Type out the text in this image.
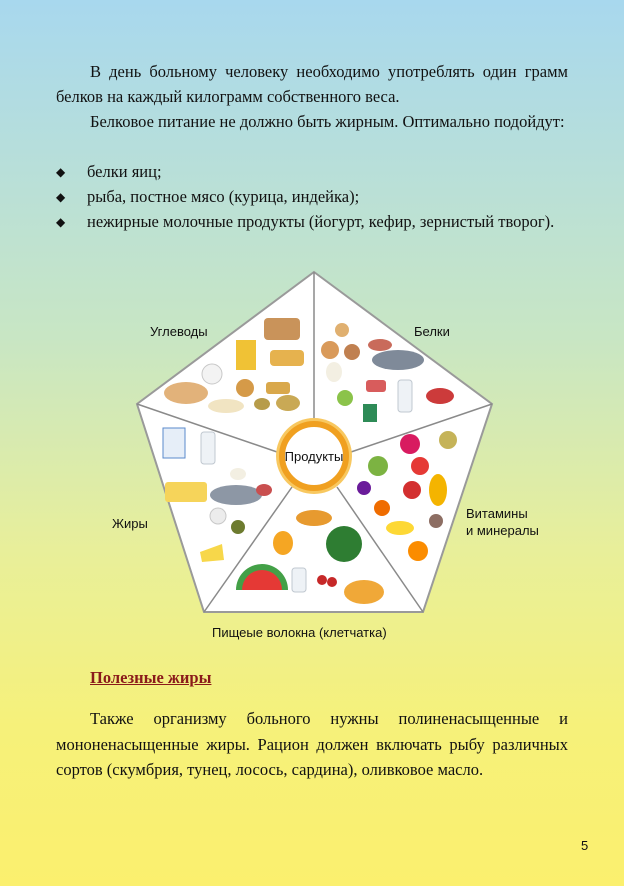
В день больному человеку необходимо употреблять один грамм белков на каждый килограмм собственного веса.

Белковое питание не должно быть жирным. Оптимально подойдут:

◆ белки яиц;
◆ рыба, постное мясо (курица, индейка);
◆ нежирные молочные продукты (йогурт, кефир, зернистый творог).
Продукты
Углеводы	Белки
Витамины
и минералы
Жиры
Пищеые волокна (клетчатка)
Полезные жиры

Также организму больного нужны полиненасыщенные и мононенасыщенные жиры. Рацион должен включать рыбу различных сортов (скумбрия, тунец, лосось, сардина), оливковое масло.

5
